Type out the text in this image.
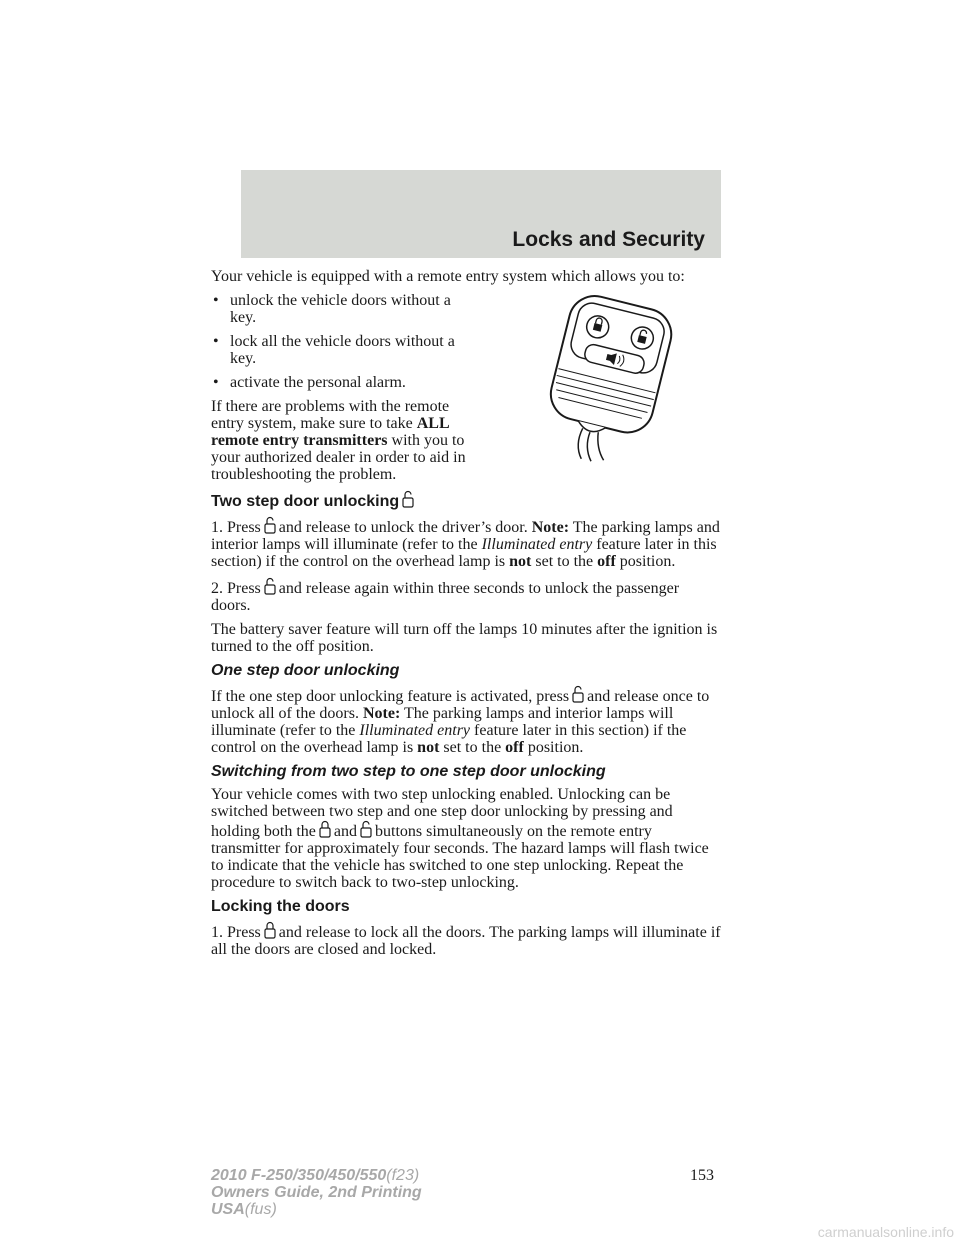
Locks and Security

Your vehicle is equipped with a remote entry system which allows you to:

• unlock the vehicle doors without a key.
• lock all the vehicle doors without a key.
• activate the personal alarm.

If there are problems with the remote entry system, make sure to take ALL remote entry transmitters with you to your authorized dealer in order to aid in troubleshooting the problem.

Two step door unlocking

1. Press and release to unlock the driver’s door. Note: The parking lamps and interior lamps will illuminate (refer to the Illuminated entry feature later in this section) if the control on the overhead lamp is not set to the off position.

2. Press and release again within three seconds to unlock the passenger doors.

The battery saver feature will turn off the lamps 10 minutes after the ignition is turned to the off position.

One step door unlocking

If the one step door unlocking feature is activated, press and release once to unlock all of the doors. Note: The parking lamps and interior lamps will illuminate (refer to the Illuminated entry feature later in this section) if the control on the overhead lamp is not set to the off position.

Switching from two step to one step door unlocking

Your vehicle comes with two step unlocking enabled. Unlocking can be switched between two step and one step door unlocking by pressing and holding both the and buttons simultaneously on the remote entry transmitter for approximately four seconds. The hazard lamps will flash twice to indicate that the vehicle has switched to one step unlocking. Repeat the procedure to switch back to two-step unlocking.

Locking the doors

1. Press and release to lock all the doors. The parking lamps will illuminate if all the doors are closed and locked.

153
2010 F-250/350/450/550(f23)
Owners Guide, 2nd Printing
USA(fus)
carmanualsonline.info
